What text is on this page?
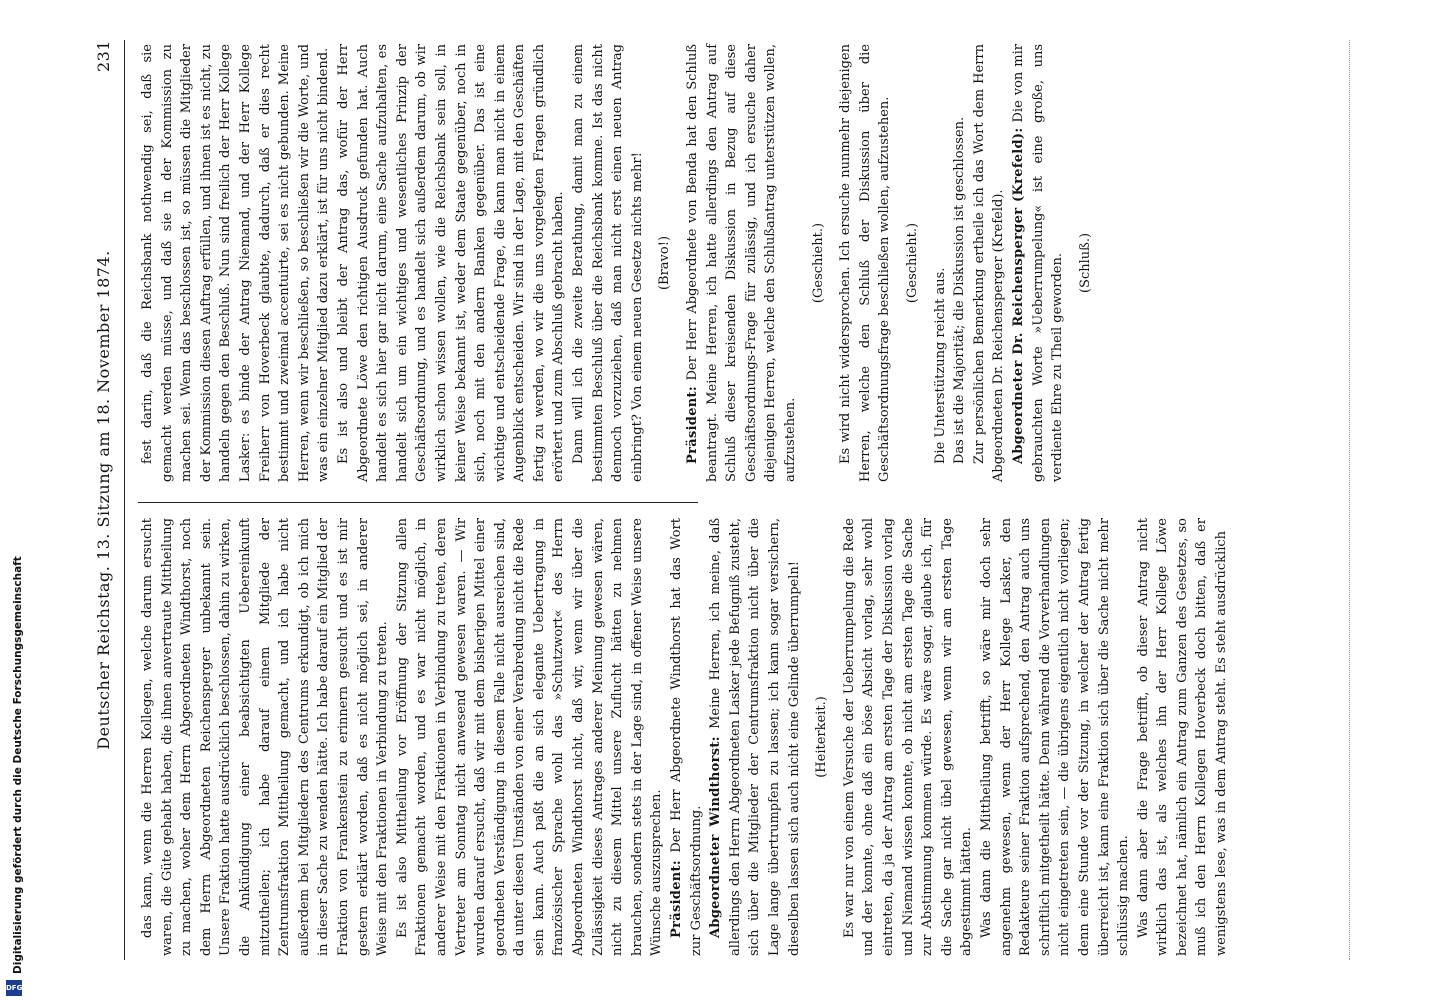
Digitalisierung gefördert durch die Deutsche Forschungsgemeinschaft
DFG
Deutscher Reichstag. 13. Sitzung am 18. November 1874.
231

das kann, wenn die Herren Kollegen, welche darum ersucht waren, die Güte gehabt haben, die ihnen anvertraute Mittheilung zu machen, woher dem Herrn Abgeordneten Windthorst, noch dem Herrn Abgeordneten Reichensperger unbekannt sein. Unsere Fraktion hatte ausdrücklich beschlossen, dahin zu wirken, die Ankündigung einer beabsichtigten Uebereinkunft mitzutheilen; ich habe darauf einem Mitgliede der Zentrumsfraktion Mittheilung gemacht, und ich habe nicht außerdem bei Mitgliedern des Centrums erkundigt, ob ich mich in dieser Sache zu wenden hätte. Ich habe darauf ein Mitglied der Fraktion von Frankenstein zu erinnern gesucht und es ist mir gestern erklärt worden, daß es nicht möglich sei, in anderer Weise mit den Fraktionen in Verbindung zu treten. Es ist also Mittheilung vor Eröffnung der Sitzung allen Fraktionen gemacht worden, und es war nicht möglich, in anderer Weise mit den Fraktionen in Verbindung zu treten, deren Vertreter am Sonntag nicht anwesend gewesen waren. — Wir wurden darauf ersucht, daß wir mit dem bisherigen Mittel einer geordneten Verständigung in diesem Falle nicht ausreichen sind, da unter diesen Umständen von einer Verabredung nicht die Rede sein kann. Auch paßt die an sich elegante Uebertragung in französischer Sprache wohl das »Schutzwort« des Herrn Abgeordneten Windthorst nicht, daß wir, wenn wir über die Zulässigkeit dieses Antrages anderer Meinung gewesen wären, nicht zu diesem Mittel unsere Zuflucht hätten zu nehmen brauchen, sondern stets in der Lage sind, in offener Weise unsere Wünsche auszusprechen. Präsident: Der Herr Abgeordnete Windthorst hat das Wort zur Geschäftsordnung. Abgeordneter Windthorst: Meine Herren, ich meine, daß allerdings den Herrn Abgeordneten Lasker jede Befugniß zusteht, sich über die Mitglieder der Centrumsfraktion nicht über die Lage lange übertrumpfen zu lassen; ich kann sogar versichern, dieselben lassen sich auch nicht eine Gelinde überrumpeln! (Heiterkeit.) Es war nur von einem Versuche der Ueberrumpelung die Rede und der konnte, ohne daß ein böse Absicht vorlag, sehr wohl eintreten, da ja der Antrag am ersten Tage der Diskussion vorlag und Niemand wissen konnte, ob nicht am ersten Tage die Sache zur Abstimmung kommen würde. Es wäre sogar, glaube ich, für die Sache gar nicht übel gewesen, wenn wir am ersten Tage abgestimmt hätten. Was dann die Mittheilung betrifft, so wäre mir doch sehr angenehm gewesen, wenn der Herr Kollege Lasker, den Redakteure seiner Fraktion aufsprechend, den Antrag auch uns schriftlich mitgetheilt hätte. Denn während die Vorverhandlungen nicht eingetreten sein, — die übrigens eigentlich nicht vorliegen; denn eine Stunde vor der Sitzung, in welcher der Antrag fertig überreicht ist, kann eine Fraktion sich über die Sache nicht mehr schlüssig machen. Was dann aber die Frage betrifft, ob dieser Antrag nicht wirklich das ist, als welches ihn der Herr Kollege Löwe bezeichnet hat, nämlich ein Antrag zum Ganzen des Gesetzes, so muß ich den Herrn Kollegen Hoverbeck doch bitten, daß er wenigstens lese, was in dem Antrag steht. Es steht ausdrücklich

fest darin, daß die Reichsbank nothwendig sei, daß sie gemacht werden müsse, und daß sie in der Kommission zu machen sei. Wenn das beschlossen ist, so müssen die Mitglieder der Kommission diesen Auftrag erfüllen, und ihnen ist es nicht, zu handeln gegen den Beschluß. Nun sind freilich der Herr Kollege Lasker: es binde der Antrag Niemand, und der Herr Kollege Freiherr von Hoverbeck glaubte, dadurch, daß er dies recht bestimmt und zweimal accentuirte, sei es nicht gebunden. Meine Herren, wenn wir beschließen, so beschließen wir die Worte, und was ein einzelner Mitglied dazu erklärt, ist für uns nicht bindend. Es ist also und bleibt der Antrag das, wofür der Herr Abgeordnete Löwe den richtigen Ausdruck gefunden hat. Auch handelt es sich hier gar nicht darum, eine Sache aufzuhalten, es handelt sich um ein wichtiges und wesentliches Prinzip der Geschäftsordnung, und es handelt sich außerdem darum, ob wir wirklich schon wissen wollen, wie die Reichsbank sein soll, in keiner Weise bekannt ist, weder dem Staate gegenüber, noch in sich, noch mit den andern Banken gegenüber. Das ist eine wichtige und entscheidende Frage, die kann man nicht in einem Augenblick entscheiden. Wir sind in der Lage, mit den Geschäften fertig zu werden, wo wir die uns vorgelegten Fragen gründlich erörtert und zum Abschluß gebracht haben. Dann will ich die zweite Berathung, damit man zu einem bestimmten Beschluß über die Reichsbank komme. Ist das nicht dennoch vorzuziehen, daß man nicht erst einen neuen Antrag einbringt? Von einem neuen Gesetze nichts mehr! (Bravo!)

Präsident: Der Herr Abgeordnete von Benda hat den Schluß beantragt. Meine Herren, ich hatte allerdings den Antrag auf Schluß dieser kreisenden Diskussion in Bezug auf diese Geschäftsordnungs-Frage für zulässig, und ich ersuche daher diejenigen Herren, welche den Schlußantrag unterstützen wollen, aufzustehen.

(Geschieht.) Es wird nicht widersprochen. Ich ersuche nunmehr diejenigen Herren, welche den Schluß der Diskussion über die Geschäftsordnungsfrage beschließen wollen, aufzustehen. (Geschieht.)

Die Unterstützung reicht aus. Das ist die Majorität; die Diskussion ist geschlossen. Zur persönlichen Bemerkung ertheile ich das Wort dem Herrn Abgeordneten Dr. Reichensperger (Krefeld). Abgeordneter Dr. Reichensperger (Krefeld): Die von mir gebrauchten Worte »Ueberrumpelung« ist eine große, uns verdiente Ehre zu Theil geworden. (Schluß.)
